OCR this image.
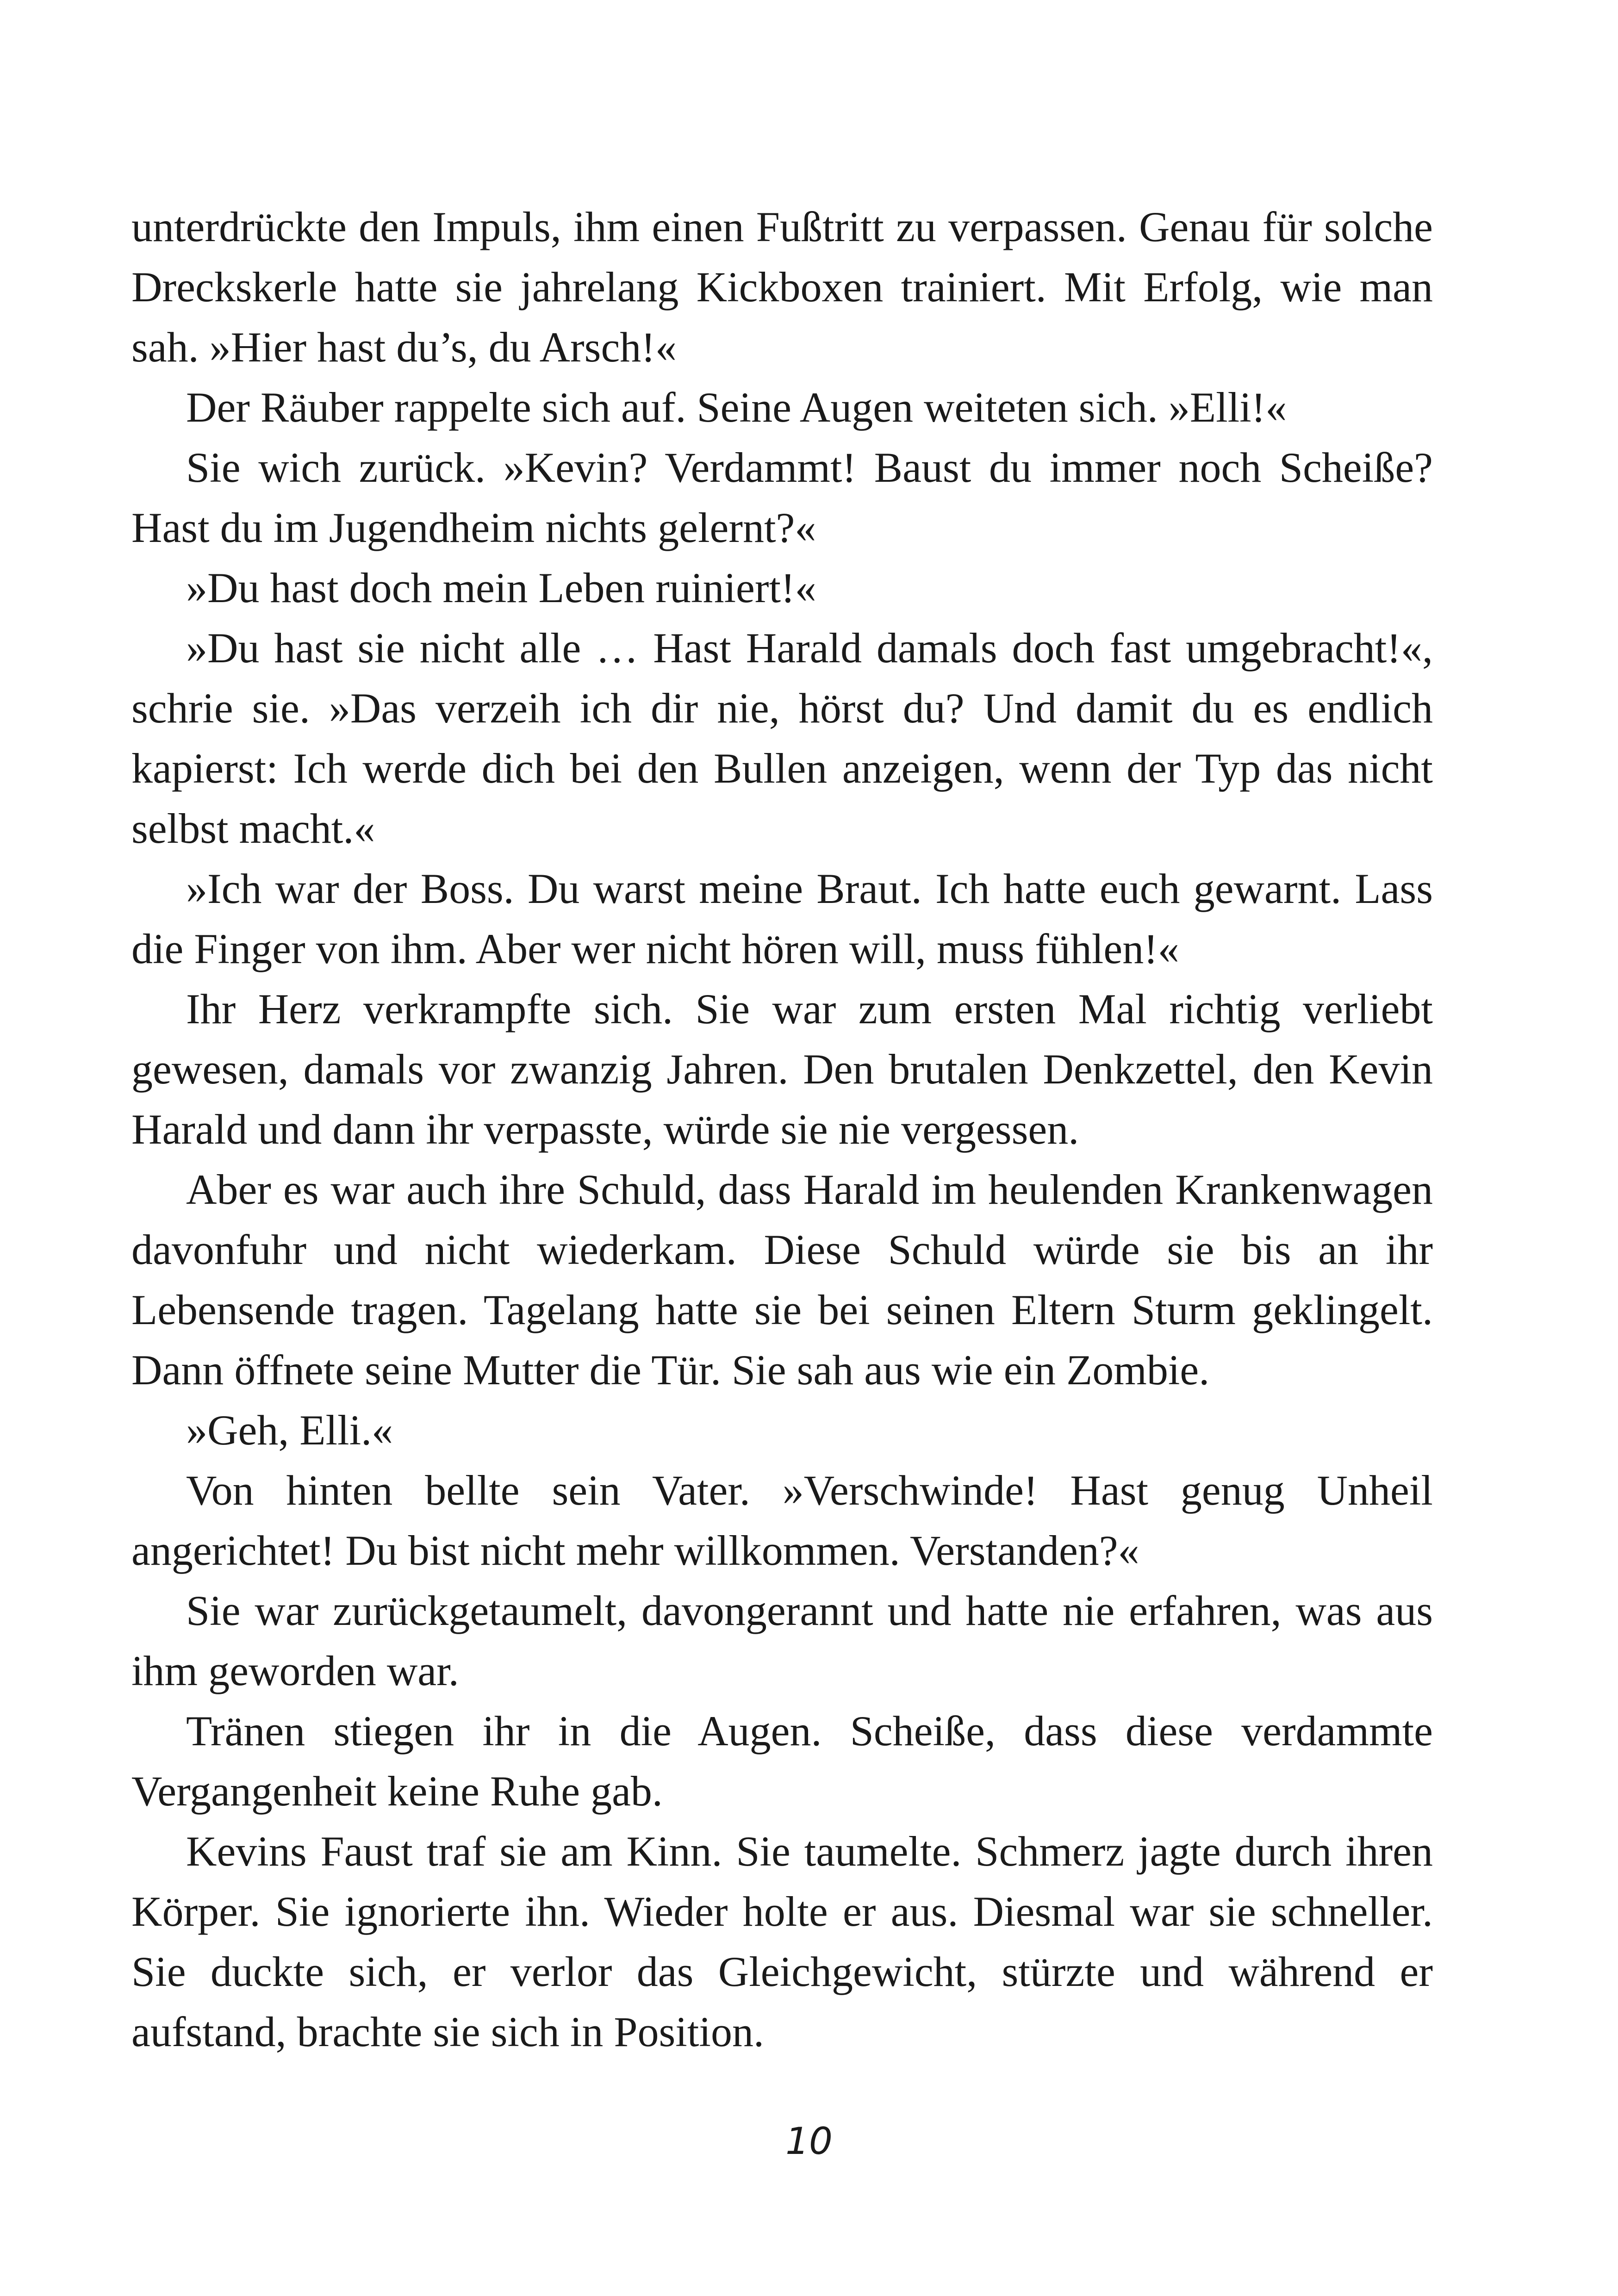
unterdrückte den Impuls, ihm einen Fußtritt zu verpassen. Genau für solche Dreckskerle hatte sie jahrelang Kickboxen trainiert. Mit Erfolg, wie man sah. »Hier hast du’s, du Arsch!«

Der Räuber rappelte sich auf. Seine Augen weiteten sich. »Elli!«

Sie wich zurück. »Kevin? Verdammt! Baust du immer noch Scheiße? Hast du im Jugendheim nichts gelernt?«

»Du hast doch mein Leben ruiniert!«

»Du hast sie nicht alle … Hast Harald damals doch fast umgebracht!«, schrie sie. »Das verzeih ich dir nie, hörst du? Und damit du es endlich kapierst: Ich werde dich bei den Bullen anzeigen, wenn der Typ das nicht selbst macht.«

»Ich war der Boss. Du warst meine Braut. Ich hatte euch gewarnt. Lass die Finger von ihm. Aber wer nicht hören will, muss fühlen!«

Ihr Herz verkrampfte sich. Sie war zum ersten Mal richtig verliebt gewesen, damals vor zwanzig Jahren. Den brutalen Denkzettel, den Kevin Harald und dann ihr verpasste, würde sie nie vergessen.

Aber es war auch ihre Schuld, dass Harald im heulenden Krankenwagen davonfuhr und nicht wiederkam. Diese Schuld würde sie bis an ihr Lebensende tragen. Tagelang hatte sie bei seinen Eltern Sturm geklingelt. Dann öffnete seine Mutter die Tür. Sie sah aus wie ein Zombie.

»Geh, Elli.«

Von hinten bellte sein Vater. »Verschwinde! Hast genug Unheil angerichtet! Du bist nicht mehr willkommen. Verstanden?«

Sie war zurückgetaumelt, davongerannt und hatte nie erfahren, was aus ihm geworden war.

Tränen stiegen ihr in die Augen. Scheiße, dass diese verdammte Vergangenheit keine Ruhe gab.

Kevins Faust traf sie am Kinn. Sie taumelte. Schmerz jagte durch ihren Körper. Sie ignorierte ihn. Wieder holte er aus. Diesmal war sie schneller. Sie duckte sich, er verlor das Gleichgewicht, stürzte und während er aufstand, brachte sie sich in Position.

10
